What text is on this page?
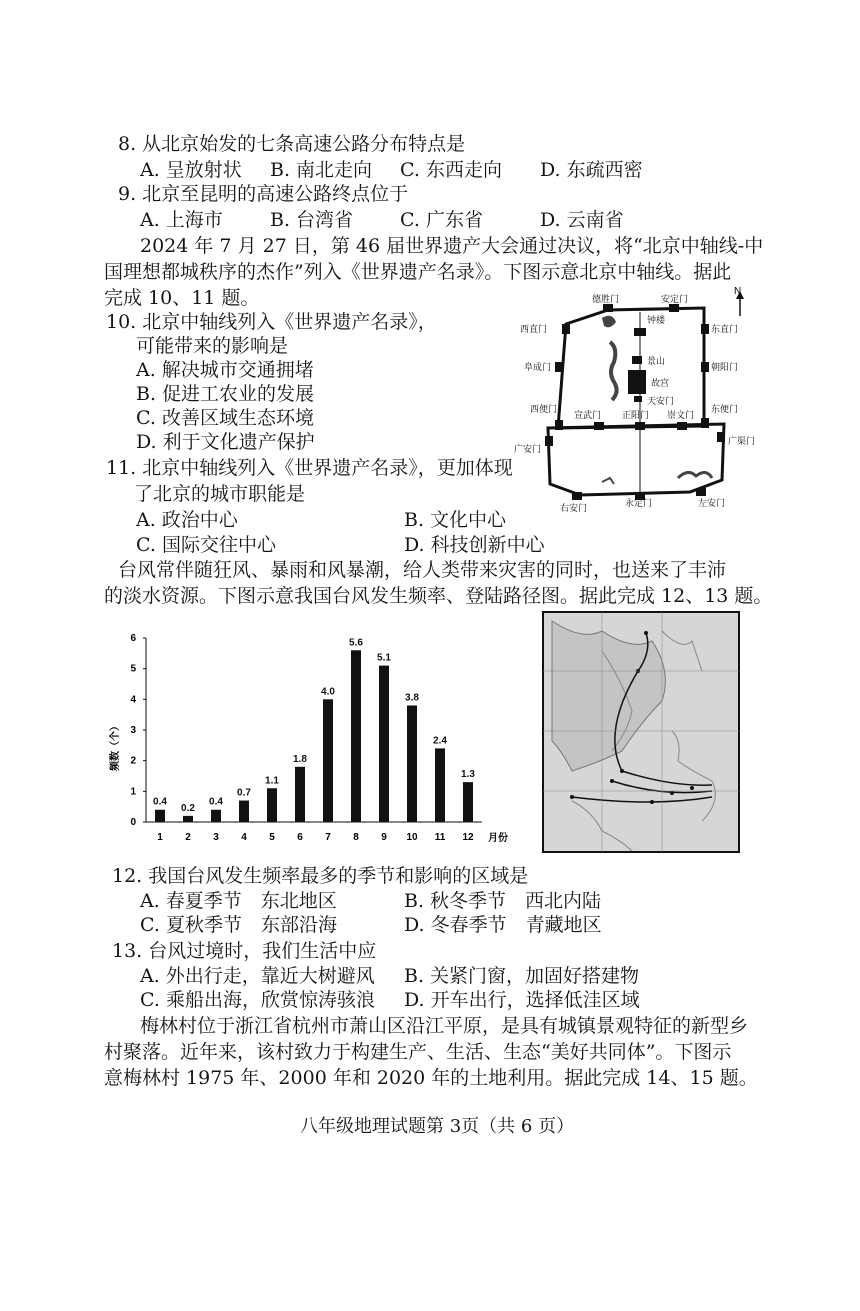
8. 从北京始发的七条高速公路分布特点是
A. 呈放射状 B. 南北走向 C. 东西走向 D. 东疏西密
9. 北京至昆明的高速公路终点位于
A. 上海市 B. 台湾省 C. 广东省	D. 云南省
2024 年 7 月 27 日，第 46 届世界遗产大会通过决议，将“北京中轴线-中
国理想都城秩序的杰作”列入《世界遗产名录》。下图示意北京中轴线。据此
完成 10、11 题。
10. 北京中轴线列入《世界遗产名录》，
可能带来的影响是
A. 解决城市交通拥堵
B. 促进工农业的发展
C. 改善区域生态环境
D. 利于文化遗产保护
11. 北京中轴线列入《世界遗产名录》，更加体现
了北京的城市职能是
A. 政治中心	B. 文化中心
C. 国际交往中心	D. 科技创新中心
N
德胜门	安定门
钟楼
东直门
西直门
阜成门
景山
朝阳门
故宫
天安门
西便门
宣武门 正阳门 崇文门
东便门
广安门
广渠门
右安门	永定门	左安门
台风常伴随狂风、暴雨和风暴潮，给人类带来灾害的同时，也送来了丰沛
的淡水资源。下图示意我国台风发生频率、登陆路径图。据此完成 12、13 题。
0
1
2
3
4
5
6
1 2 3 4 5 6 7 8 9 10 11 12
0.4
0.2
0.4
0.7
1.1
1.8
4.0
5.6
5.1
3.8
2.4
1.3
频数（个）
月份
12. 我国台风发生频率最多的季节和影响的区域是
A. 春夏季节　东北地区	B. 秋冬季节　西北内陆
C. 夏秋季节　东部沿海	D. 冬春季节　青藏地区
13. 台风过境时，我们生活中应
A. 外出行走，靠近大树避风 B. 关紧门窗，加固好搭建物
C. 乘船出海，欣赏惊涛骇浪 D. 开车出行，选择低洼区域
梅林村位于浙江省杭州市萧山区沿江平原，是具有城镇景观特征的新型乡
村聚落。近年来，该村致力于构建生产、生活、生态“美好共同体”。下图示
意梅林村 1975 年、2000 年和 2020 年的土地利用。据此完成 14、15 题。
八年级地理试题第 3页（共 6 页）
